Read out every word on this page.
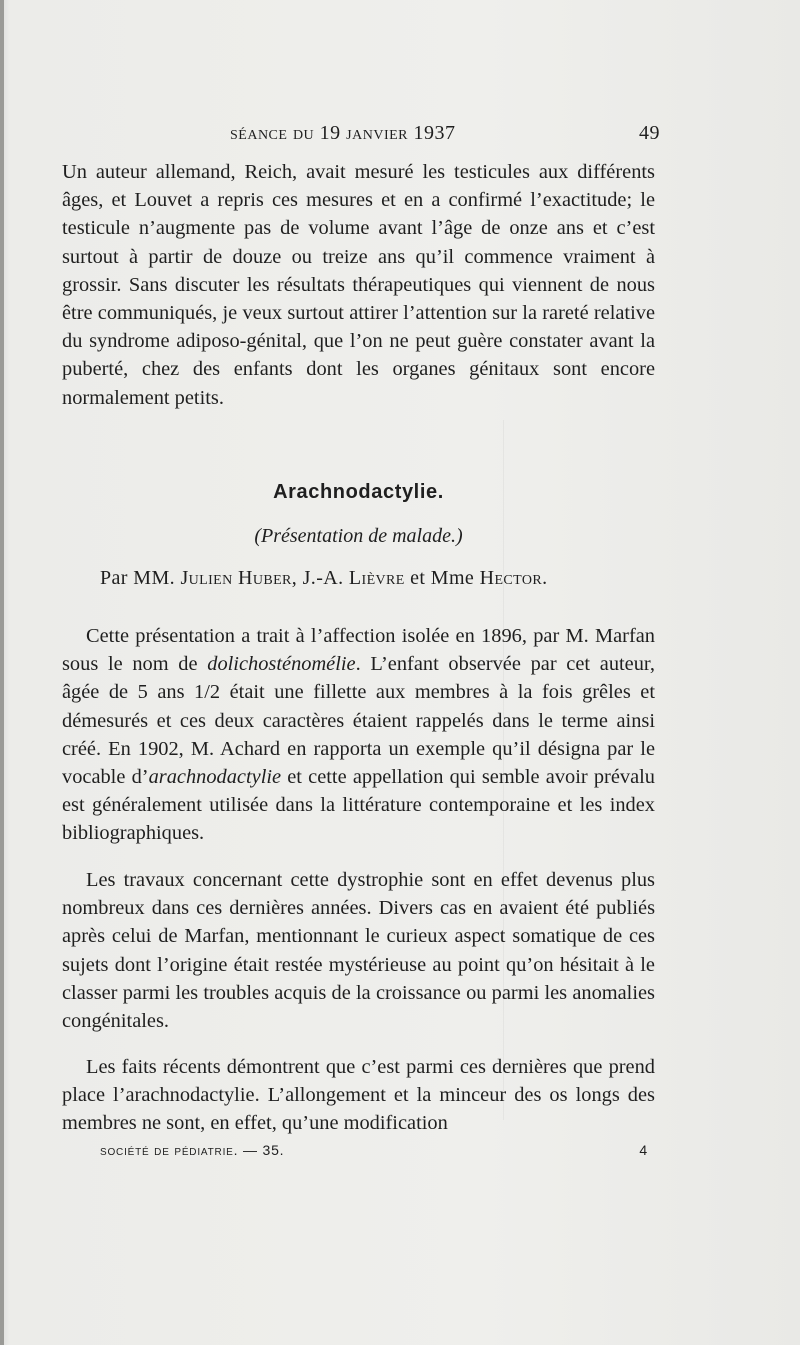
séance du 19 janvier 1937	49
Un auteur allemand, Reich, avait mesuré les testicules aux différents âges, et Louvet a repris ces mesures et en a confirmé l’exactitude; le testicule n’augmente pas de volume avant l’âge de onze ans et c’est surtout à partir de douze ou treize ans qu’il commence vraiment à grossir. Sans discuter les résultats thérapeutiques qui viennent de nous être communiqués, je veux surtout attirer l’attention sur la rareté relative du syndrome adiposo-génital, que l’on ne peut guère constater avant la puberté, chez des enfants dont les organes génitaux sont encore normalement petits.
Arachnodactylie.
(Présentation de malade.)
Par MM. Julien Huber, J.-A. Lièvre et Mme Hector.
Cette présentation a trait à l’affection isolée en 1896, par M. Marfan sous le nom de dolichosténomélie. L’enfant observée par cet auteur, âgée de 5 ans 1/2 était une fillette aux membres à la fois grêles et démesurés et ces deux caractères étaient rappelés dans le terme ainsi créé. En 1902, M. Achard en rapporta un exemple qu’il désigna par le vocable d’arachnodactylie et cette appellation qui semble avoir prévalu est généralement utilisée dans la littérature contemporaine et les index bibliographiques.
Les travaux concernant cette dystrophie sont en effet devenus plus nombreux dans ces dernières années. Divers cas en avaient été publiés après celui de Marfan, mentionnant le curieux aspect somatique de ces sujets dont l’origine était restée mystérieuse au point qu’on hésitait à le classer parmi les troubles acquis de la croissance ou parmi les anomalies congénitales.
Les faits récents démontrent que c’est parmi ces dernières que prend place l’arachnodactylie. L’allongement et la minceur des os longs des membres ne sont, en effet, qu’une modification
société de pédiatrie. — 35.	4
